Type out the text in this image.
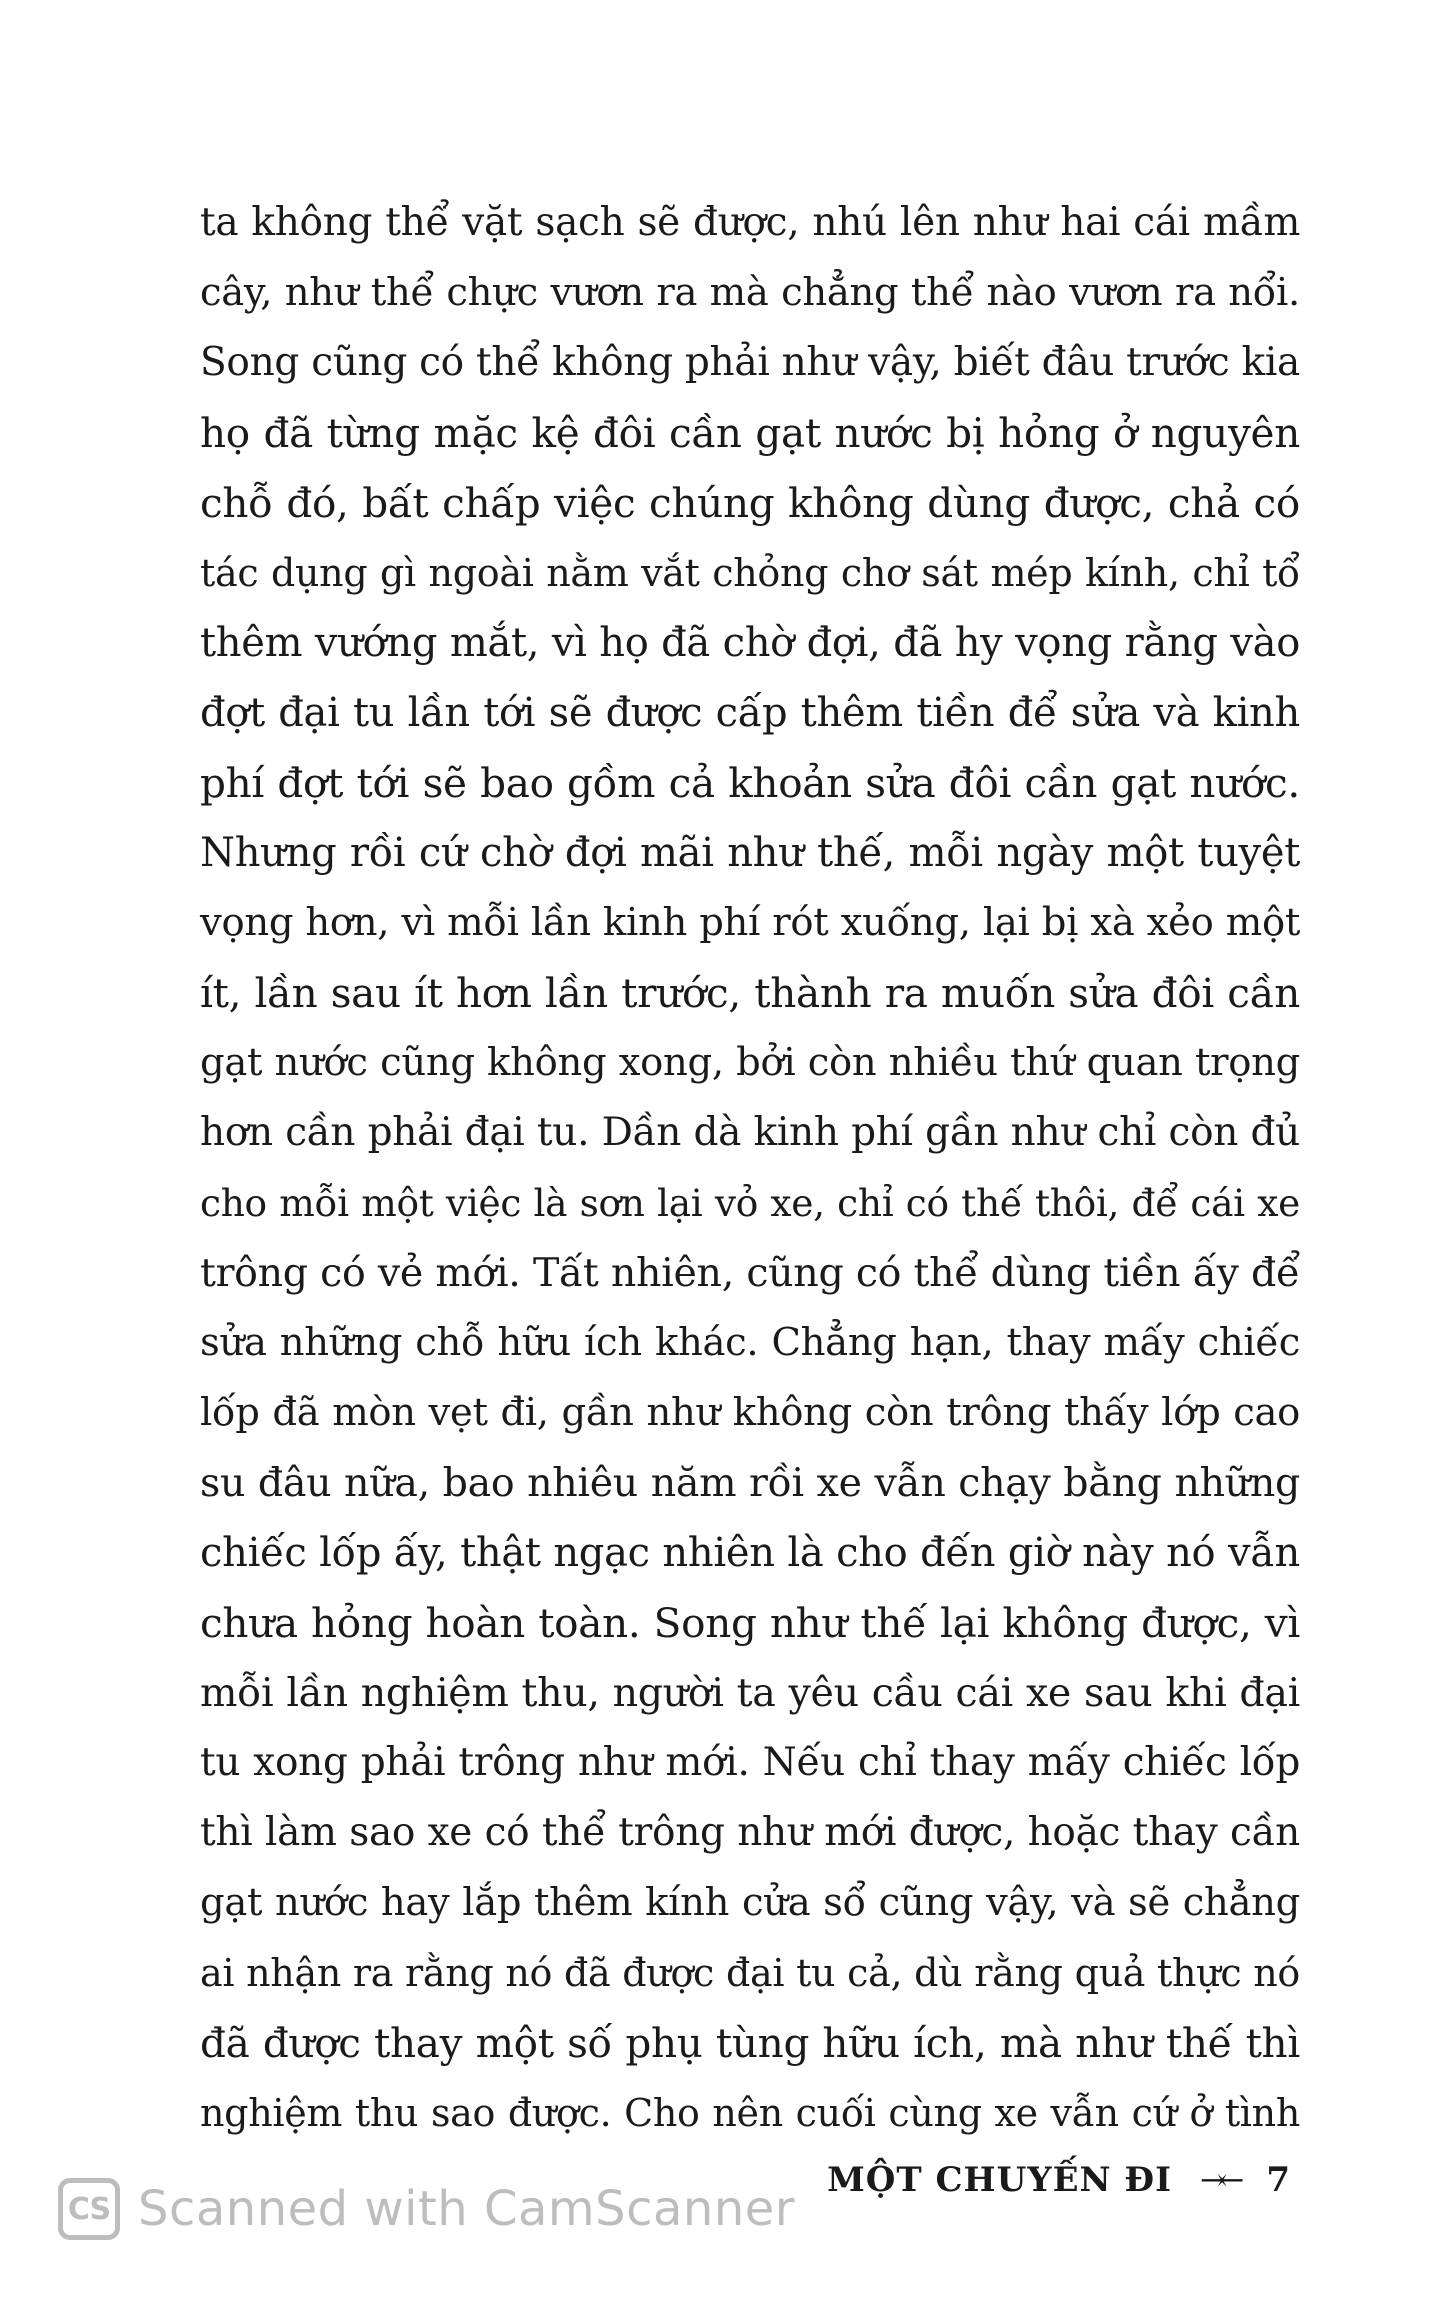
ta không thể vặt sạch sẽ được, nhú lên như hai cái mầm
cây, như thể chực vươn ra mà chẳng thể nào vươn ra nổi.
Song cũng có thể không phải như vậy, biết đâu trước kia
họ đã từng mặc kệ đôi cần gạt nước bị hỏng ở nguyên
chỗ đó, bất chấp việc chúng không dùng được, chả có
tác dụng gì ngoài nằm vắt chỏng chơ sát mép kính, chỉ tổ
thêm vướng mắt, vì họ đã chờ đợi, đã hy vọng rằng vào
đợt đại tu lần tới sẽ được cấp thêm tiền để sửa và kinh
phí đợt tới sẽ bao gồm cả khoản sửa đôi cần gạt nước.
Nhưng rồi cứ chờ đợi mãi như thế, mỗi ngày một tuyệt
vọng hơn, vì mỗi lần kinh phí rót xuống, lại bị xà xẻo một
ít, lần sau ít hơn lần trước, thành ra muốn sửa đôi cần
gạt nước cũng không xong, bởi còn nhiều thứ quan trọng
hơn cần phải đại tu. Dần dà kinh phí gần như chỉ còn đủ
cho mỗi một việc là sơn lại vỏ xe, chỉ có thế thôi, để cái xe
trông có vẻ mới. Tất nhiên, cũng có thể dùng tiền ấy để
sửa những chỗ hữu ích khác. Chẳng hạn, thay mấy chiếc
lốp đã mòn vẹt đi, gần như không còn trông thấy lớp cao
su đâu nữa, bao nhiêu năm rồi xe vẫn chạy bằng những
chiếc lốp ấy, thật ngạc nhiên là cho đến giờ này nó vẫn
chưa hỏng hoàn toàn. Song như thế lại không được, vì
mỗi lần nghiệm thu, người ta yêu cầu cái xe sau khi đại
tu xong phải trông như mới. Nếu chỉ thay mấy chiếc lốp
thì làm sao xe có thể trông như mới được, hoặc thay cần
gạt nước hay lắp thêm kính cửa sổ cũng vậy, và sẽ chẳng
ai nhận ra rằng nó đã được đại tu cả, dù rằng quả thực nó
đã được thay một số phụ tùng hữu ích, mà như thế thì
nghiệm thu sao được. Cho nên cuối cùng xe vẫn cứ ở tình
CS Scanned with CamScanner
MỘT CHUYẾN ĐI →← 7
